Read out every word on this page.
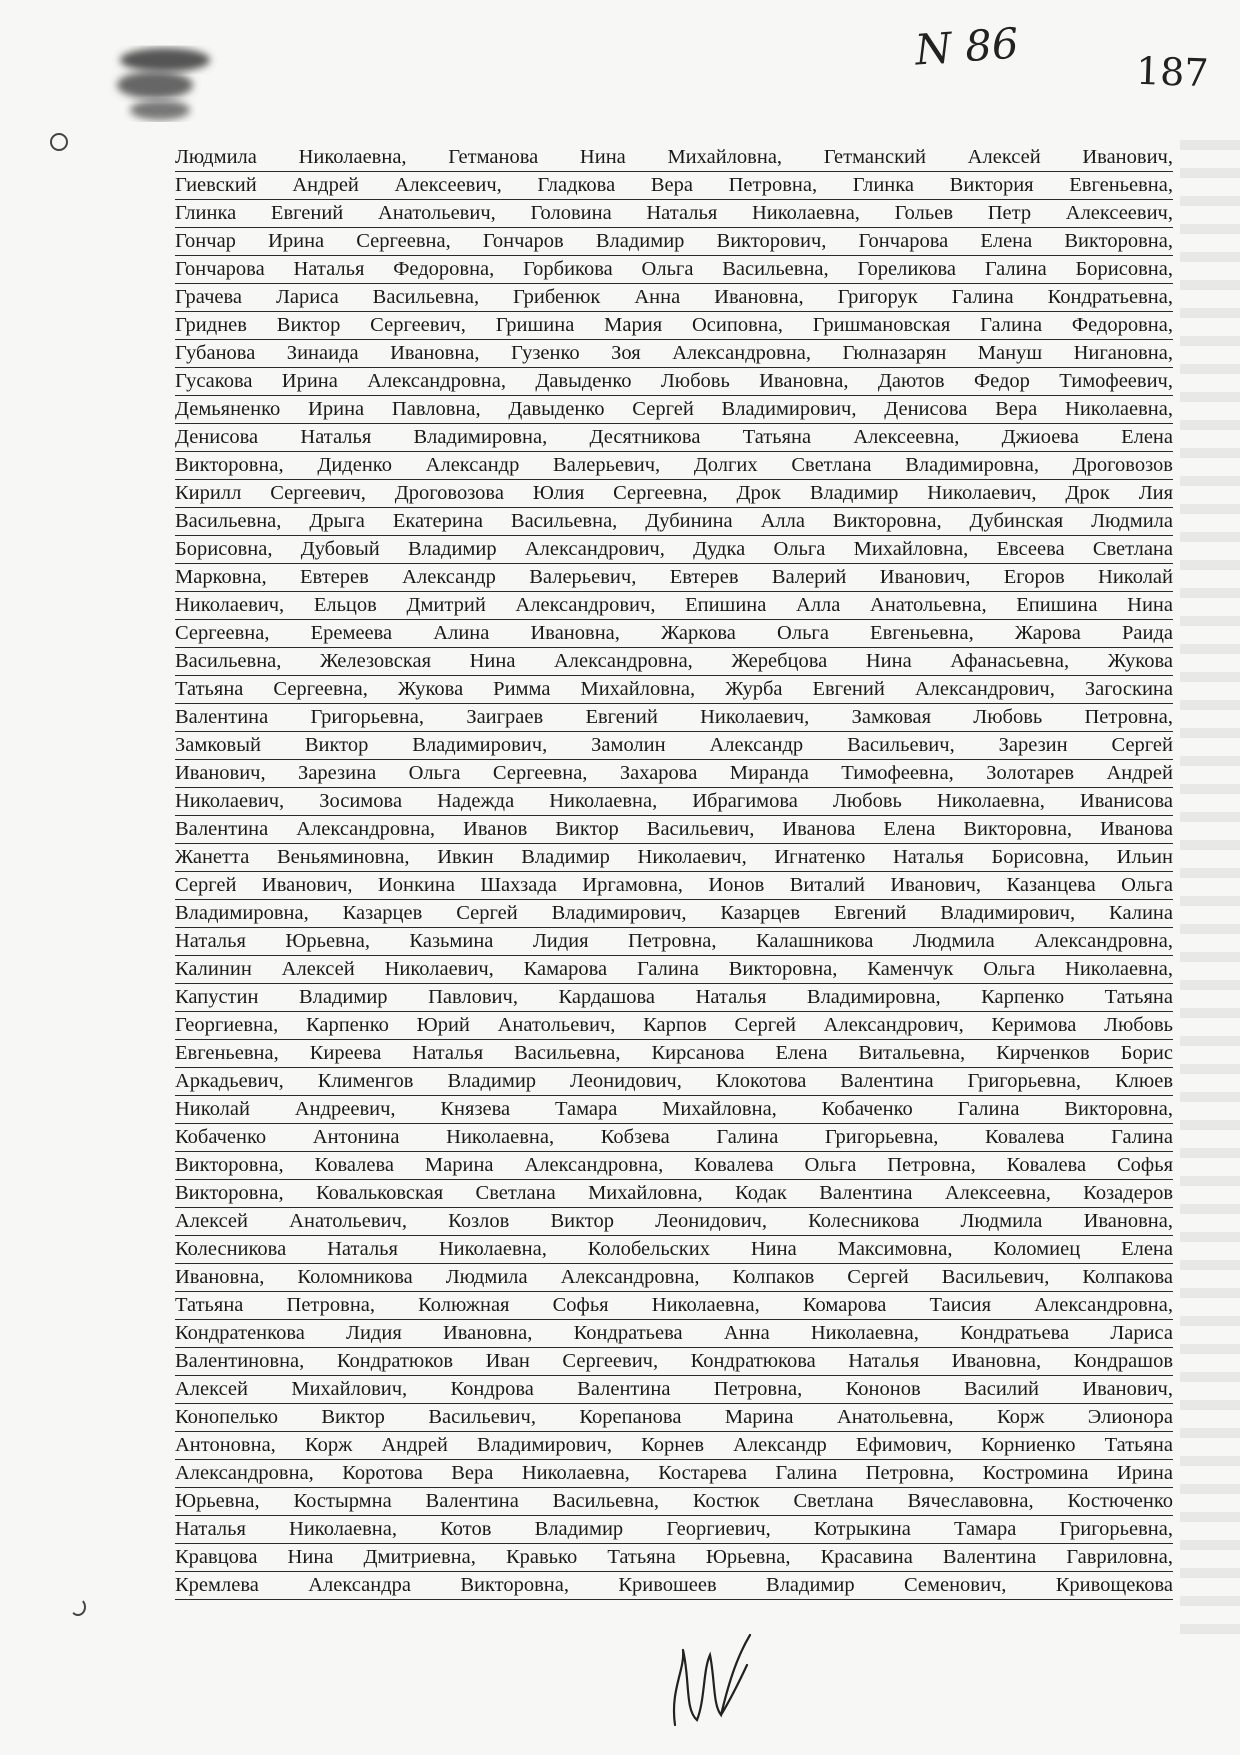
N 86	187
Людмила Николаевна, Гетманова Нина Михайловна, Гетманский Алексей Иванович,
Гиевский Андрей Алексеевич, Гладкова Вера Петровна, Глинка Виктория Евгеньевна,
Глинка Евгений Анатольевич, Головина Наталья Николаевна, Гольев Петр Алексеевич,
Гончар Ирина Сергеевна, Гончаров Владимир Викторович, Гончарова Елена Викторовна,
Гончарова Наталья Федоровна, Горбикова Ольга Васильевна, Гореликова Галина Борисовна,
Грачева Лариса Васильевна, Грибенюк Анна Ивановна, Григорук Галина Кондратьевна,
Гриднев Виктор Сергеевич, Гришина Мария Осиповна, Гришмановская Галина Федоровна,
Губанова Зинаида Ивановна, Гузенко Зоя Александровна, Гюлназарян Мануш Нигановна,
Гусакова Ирина Александровна, Давыденко Любовь Ивановна, Даютов Федор Тимофеевич,
Демьяненко Ирина Павловна, Давыденко Сергей Владимирович, Денисова Вера Николаевна,
Денисова Наталья Владимировна, Десятникова Татьяна Алексеевна, Джиоева Елена
Викторовна, Диденко Александр Валерьевич, Долгих Светлана Владимировна, Дроговозов
Кирилл Сергеевич, Дроговозова Юлия Сергеевна, Дрок Владимир Николаевич, Дрок Лия
Васильевна, Дрыга Екатерина Васильевна, Дубинина Алла Викторовна, Дубинская Людмила
Борисовна, Дубовый Владимир Александрович, Дудка Ольга Михайловна, Евсеева Светлана
Марковна, Евтерев Александр Валерьевич, Евтерев Валерий Иванович, Егоров Николай
Николаевич, Ельцов Дмитрий Александрович, Епишина Алла Анатольевна, Епишина Нина
Сергеевна, Еремеева Алина Ивановна, Жаркова Ольга Евгеньевна, Жарова Раида
Васильевна, Железовская Нина Александровна, Жеребцова Нина Афанасьевна, Жукова
Татьяна Сергеевна, Жукова Римма Михайловна, Журба Евгений Александрович, Загоскина
Валентина Григорьевна, Заиграев Евгений Николаевич, Замковая Любовь Петровна,
Замковый Виктор Владимирович, Замолин Александр Васильевич, Зарезин Сергей
Иванович, Зарезина Ольга Сергеевна, Захарова Миранда Тимофеевна, Золотарев Андрей
Николаевич, Зосимова Надежда Николаевна, Ибрагимова Любовь Николаевна, Иванисова
Валентина Александровна, Иванов Виктор Васильевич, Иванова Елена Викторовна, Иванова
Жанетта Веньяминовна, Ивкин Владимир Николаевич, Игнатенко Наталья Борисовна, Ильин
Сергей Иванович, Ионкина Шахзада Иргамовна, Ионов Виталий Иванович, Казанцева Ольга
Владимировна, Казарцев Сергей Владимирович, Казарцев Евгений Владимирович, Калина
Наталья Юрьевна, Казьмина Лидия Петровна, Калашникова Людмила Александровна,
Калинин Алексей Николаевич, Камарова Галина Викторовна, Каменчук Ольга Николаевна,
Капустин Владимир Павлович, Кардашова Наталья Владимировна, Карпенко Татьяна
Георгиевна, Карпенко Юрий Анатольевич, Карпов Сергей Александрович, Керимова Любовь
Евгеньевна, Киреева Наталья Васильевна, Кирсанова Елена Витальевна, Кирченков Борис
Аркадьевич, Клименгов Владимир Леонидович, Клокотова Валентина Григорьевна, Клюев
Николай Андреевич, Князева Тамара Михайловна, Кобаченко Галина Викторовна,
Кобаченко Антонина Николаевна, Кобзева Галина Григорьевна, Ковалева Галина
Викторовна, Ковалева Марина Александровна, Ковалева Ольга Петровна, Ковалева Софья
Викторовна, Ковальковская Светлана Михайловна, Кодак Валентина Алексеевна, Козадеров
Алексей Анатольевич, Козлов Виктор Леонидович, Колесникова Людмила Ивановна,
Колесникова Наталья Николаевна, Колобельских Нина Максимовна, Коломиец Елена
Ивановна, Коломникова Людмила Александровна, Колпаков Сергей Васильевич, Колпакова
Татьяна Петровна, Колюжная Софья Николаевна, Комарова Таисия Александровна,
Кондратенкова Лидия Ивановна, Кондратьева Анна Николаевна, Кондратьева Лариса
Валентиновна, Кондратюков Иван Сергеевич, Кондратюкова Наталья Ивановна, Кондрашов
Алексей Михайлович, Кондрова Валентина Петровна, Кононов Василий Иванович,
Конопелько Виктор Васильевич, Корепанова Марина Анатольевна, Корж Элионора
Антоновна, Корж Андрей Владимирович, Корнев Александр Ефимович, Корниенко Татьяна
Александровна, Коротова Вера Николаевна, Костарева Галина Петровна, Костромина Ирина
Юрьевна, Костырмна Валентина Васильевна, Костюк Светлана Вячеславовна, Костюченко
Наталья Николаевна, Котов Владимир Георгиевич, Котрыкина Тамара Григорьевна,
Кравцова Нина Дмитриевна, Кравько Татьяна Юрьевна, Красавина Валентина Гавриловна,
Кремлева Александра Викторовна, Кривошеев Владимир Семенович, Кривощекова
